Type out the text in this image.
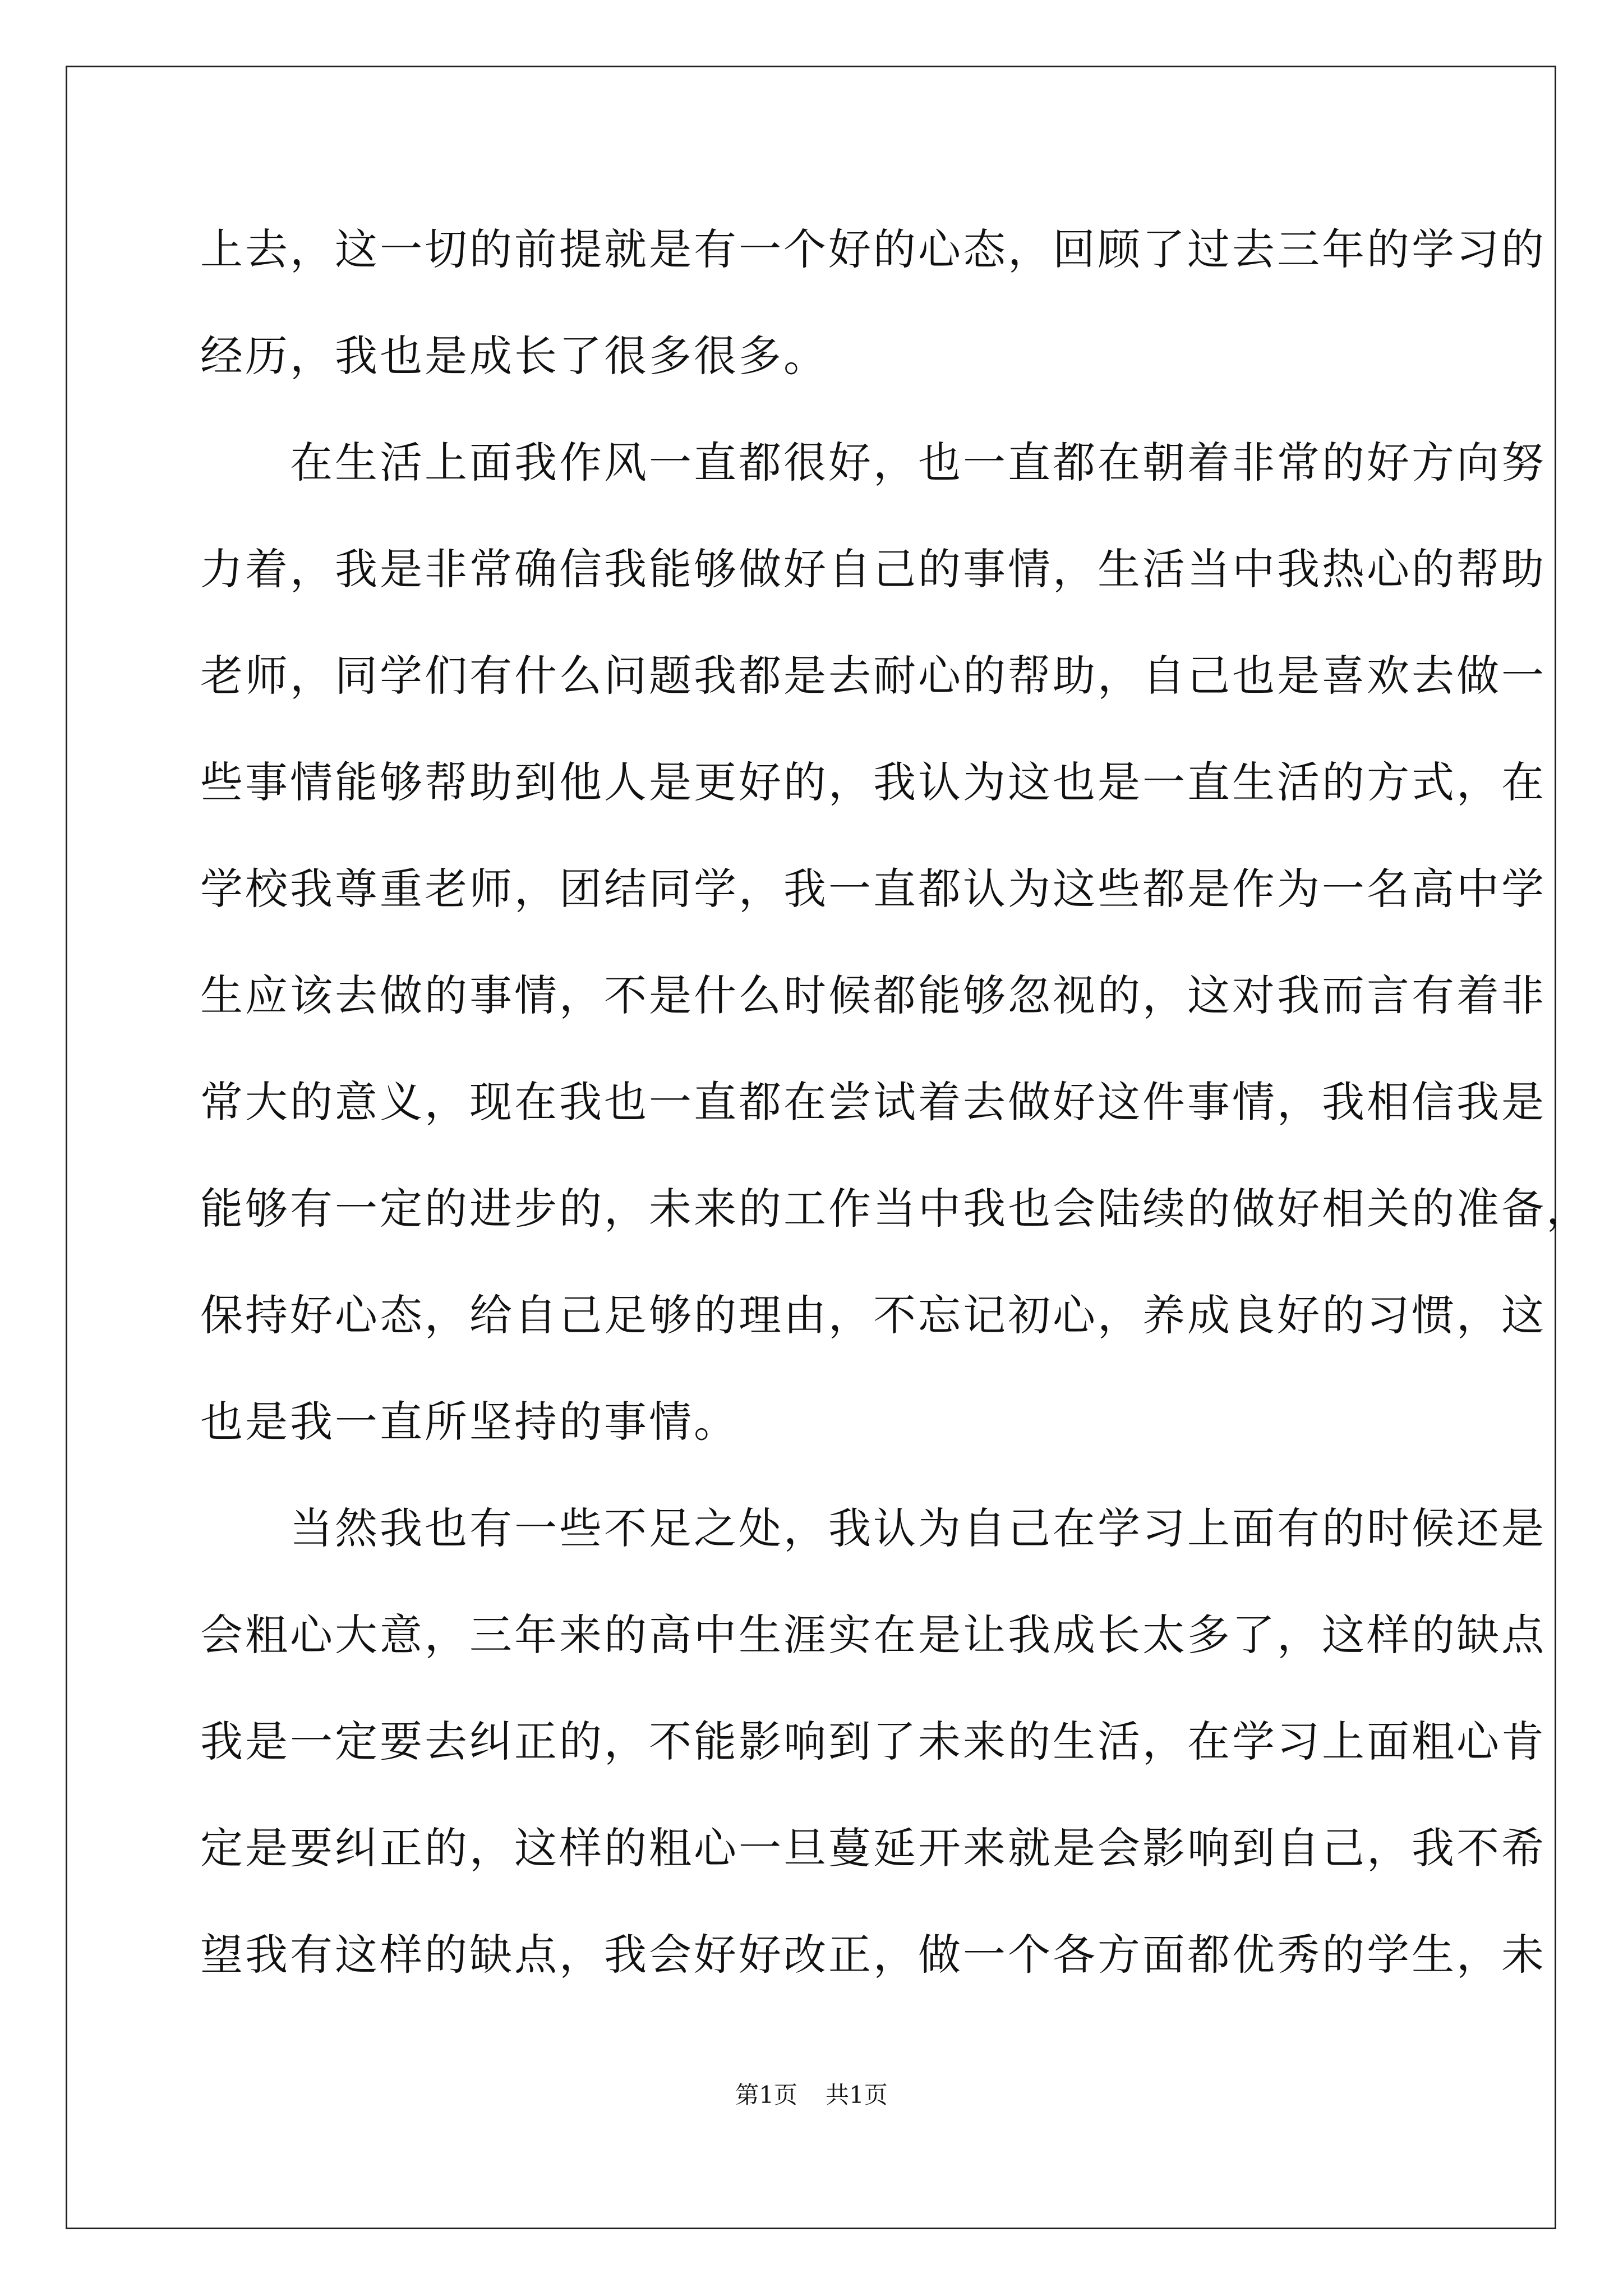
上去，这一切的前提就是有一个好的心态，回顾了过去三年的学习的
经历，我也是成长了很多很多。
　　在生活上面我作风一直都很好，也一直都在朝着非常的好方向努
力着，我是非常确信我能够做好自己的事情，生活当中我热心的帮助
老师，同学们有什么问题我都是去耐心的帮助，自己也是喜欢去做一
些事情能够帮助到他人是更好的，我认为这也是一直生活的方式，在
学校我尊重老师，团结同学，我一直都认为这些都是作为一名高中学
生应该去做的事情，不是什么时候都能够忽视的，这对我而言有着非
常大的意义，现在我也一直都在尝试着去做好这件事情，我相信我是
能够有一定的进步的，未来的工作当中我也会陆续的做好相关的准备，
保持好心态，给自己足够的理由，不忘记初心，养成良好的习惯，这
也是我一直所坚持的事情。
　　当然我也有一些不足之处，我认为自己在学习上面有的时候还是
会粗心大意，三年来的高中生涯实在是让我成长太多了，这样的缺点
我是一定要去纠正的，不能影响到了未来的生活，在学习上面粗心肯
定是要纠正的，这样的粗心一旦蔓延开来就是会影响到自己，我不希
望我有这样的缺点，我会好好改正，做一个各方面都优秀的学生，未
第1页 共1页
